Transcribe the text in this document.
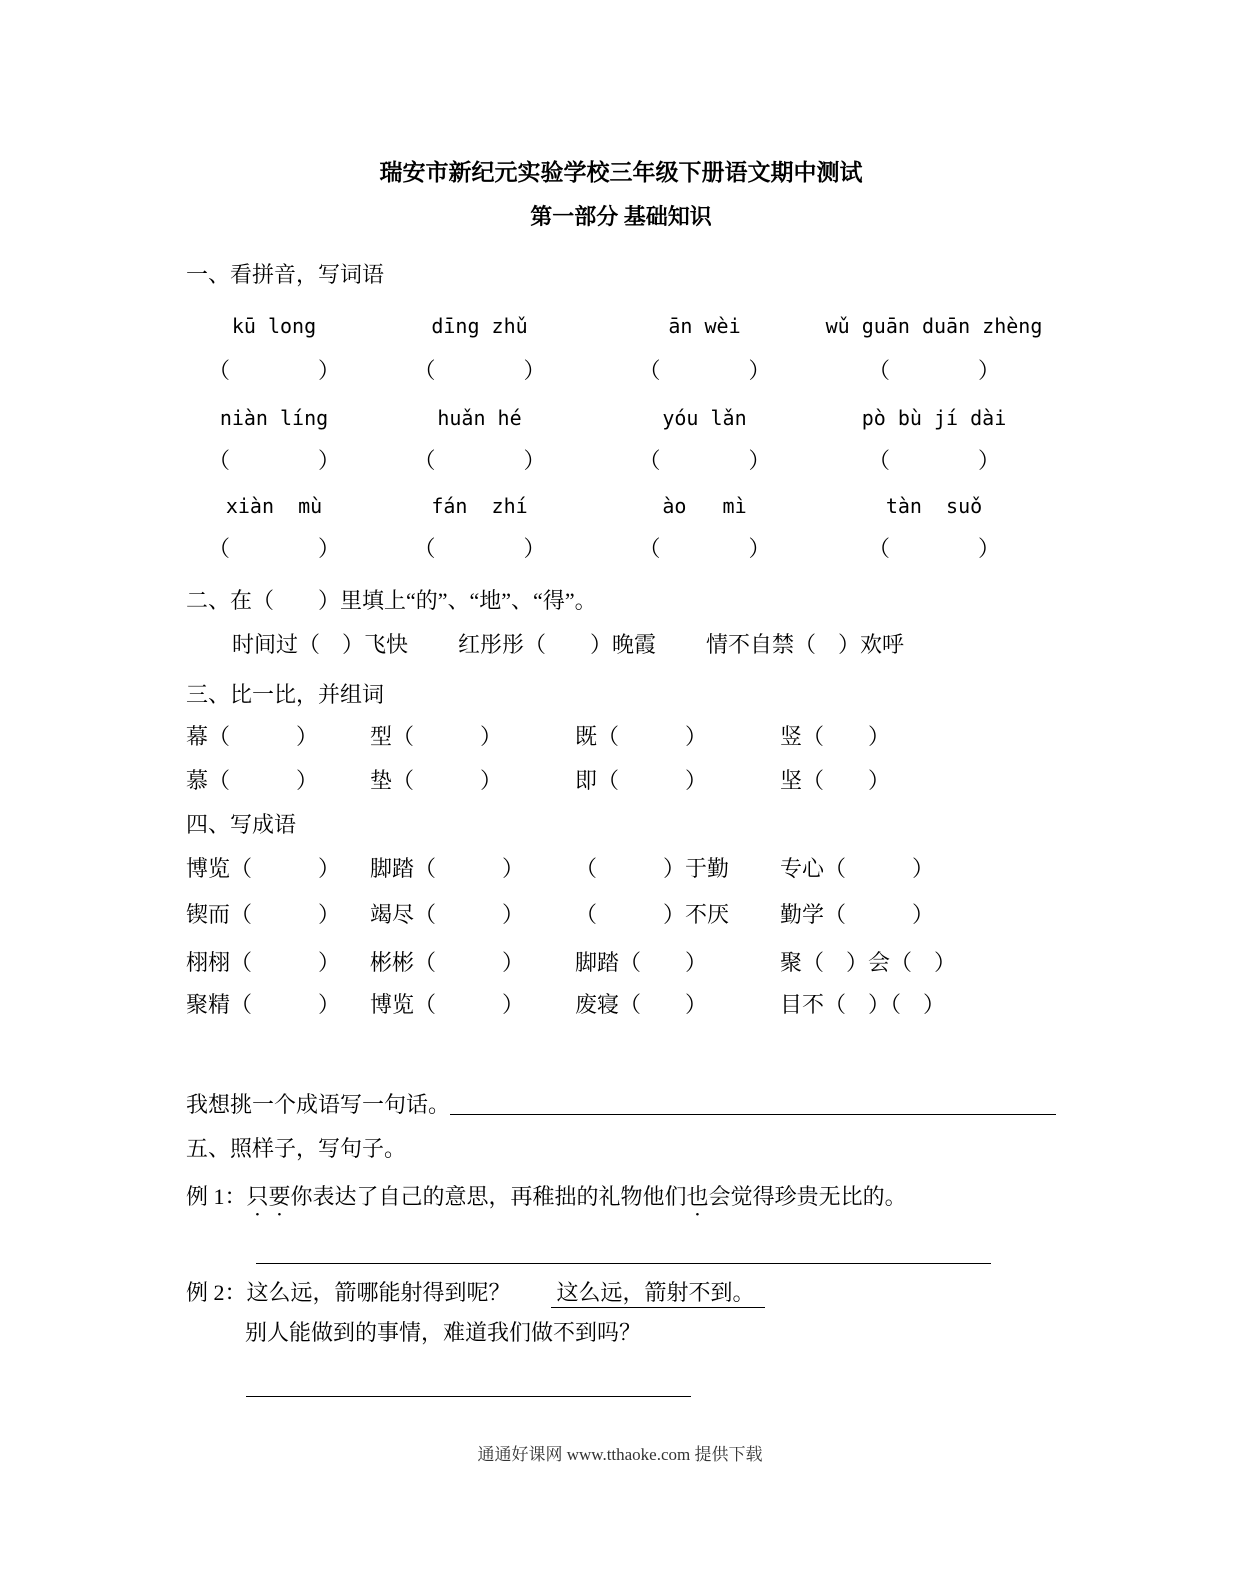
瑞安市新纪元实验学校三年级下册语文期中测试
第一部分 基础知识
一、看拼音，写词语
kū long	dīng zhǔ	ān wèi	wǔ guān duān zhèng
（　　　　）	（　　　　）	（　　　　）	（　　　　）
niàn líng	huǎn hé	yóu lǎn	pò bù jí dài
（　　　　）	（　　　　）	（　　　　）	（　　　　）
xiàn  mù	fán  zhí	ào   mì	tàn  suǒ
（　　　　）	（　　　　）	（　　　　）	（　　　　）
二、在（　　）里填上“的”、“地”、“得”。
时间过（　）飞快 红彤彤（　　）晚霞 情不自禁（　）欢呼
三、比一比，并组词
幕（　　　）	型（　　　）	既（　　　）	竖（　　）
慕（　　　）	垫（　　　）	即（　　　）	坚（　　）
四、写成语
博览（　　　）	脚踏（　　　）	（　　　）于勤	专心（　　　）
锲而（　　　）	竭尽（　　　）	（　　　）不厌	勤学（　　　）
栩栩（　　　）	彬彬（　　　）	脚踏（　　）	聚（　）会（　）
聚精（　　　）	博览（　　　）	废寝（　　）	目不（　）（　）
我想挑一个成语写一句话。
五、照样子，写句子。
例 1： 只要你表达了自己的意思，再稚拙的礼物他们也会觉得珍贵无比的。
例 2： 这么远，箭哪能射得到呢？ 这么远，箭射不到。
别人能做到的事情，难道我们做不到吗？
通通好课网 www.tthaoke.com 提供下载
